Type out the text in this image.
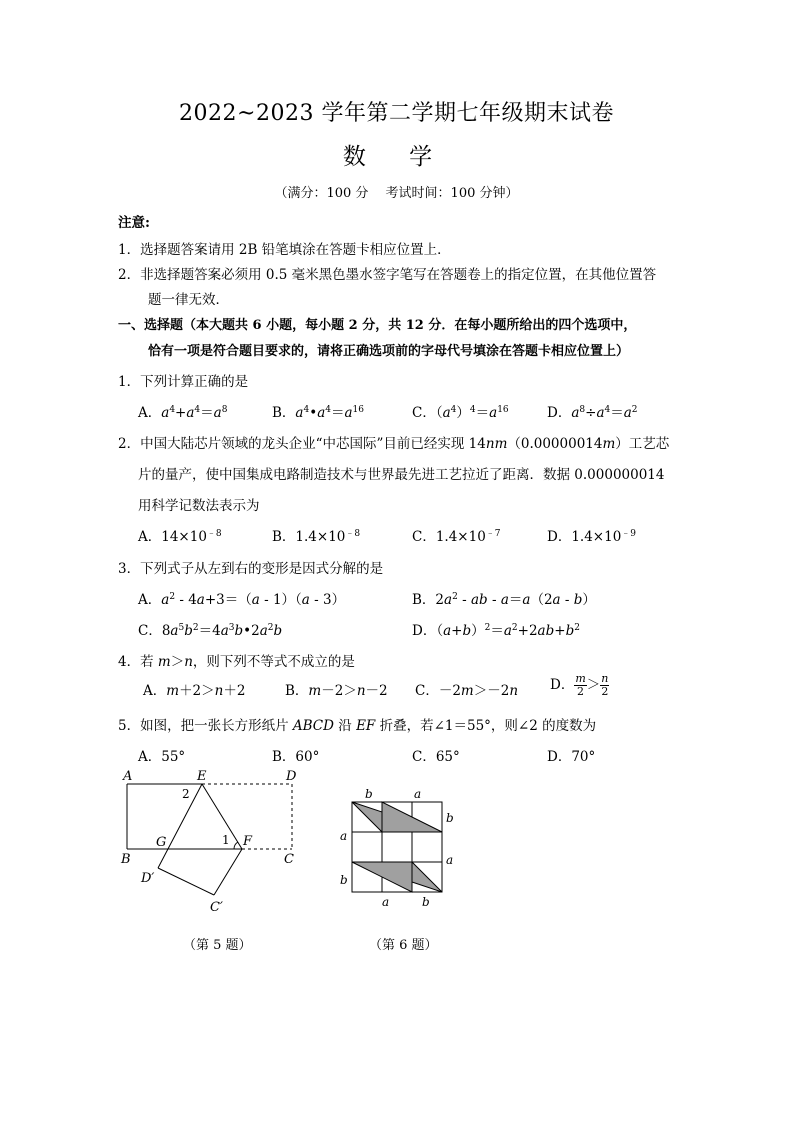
2022~2023 学年第二学期七年级期末试卷
数 学
（满分：100 分　 考试时间：100 分钟）
注意:
1．选择题答案请用 2B 铅笔填涂在答题卡相应位置上．
2．非选择题答案必须用 0.5 毫米黑色墨水签字笔写在答题卷上的指定位置，在其他位置答
题一律无效．
一、选择题（本大题共 6 小题，每小题 2 分，共 12 分．在每小题所给出的四个选项中，
恰有一项是符合题目要求的，请将正确选项前的字母代号填涂在答题卡相应位置上）
1．下列计算正确的是
A．$a^4+a^4=a^8$	B．$a^4•a^4=a^{16}$	C．$(a^4)^4=a^{16}$	D．$a^8\div a^4=a^2$
2．中国大陆芯片领域的龙头企业“中芯国际”目前已经实现 14nm（0.00000014m）工艺芯
片的量产，使中国集成电路制造技术与世界最先进工艺拉近了距离．数据 0.000000014
用科学记数法表示为
A．$14\times 10^{﹣8}$	B．$1.4\times 10^{﹣8}$	C．$1.4\times 10^{﹣7}$	D．$1.4\times 10^{﹣9}$
3．下列式子从左到右的变形是因式分解的是
A．$a^2 - 4a+3=(a - 1)(a - 3)$	B．$2a^2$ - ab - a＝a（2a - b）
C．$8a^5b^2=4a^3b•2a^2b$	D．$(a+b)^2=a^2+2ab+b^2$
4．若 m＞n，则下列不等式不成立的是
A．m＋2＞n＋2	B．m－2＞n－2 C．－2m＞－2n D． $\frac{m}{2} > \frac{n}{2}$
5．如图，把一张长方形纸片 ABCD 沿 EF 折叠，若∠1＝55°，则∠2 的度数为
A．55°	B．60°	C．65°	D．70°
A	E	D
B
G	F
C
D′
C′
2
1
（第 5 题）
b	a
a
b
a
b
a	b
（第 6 题）
